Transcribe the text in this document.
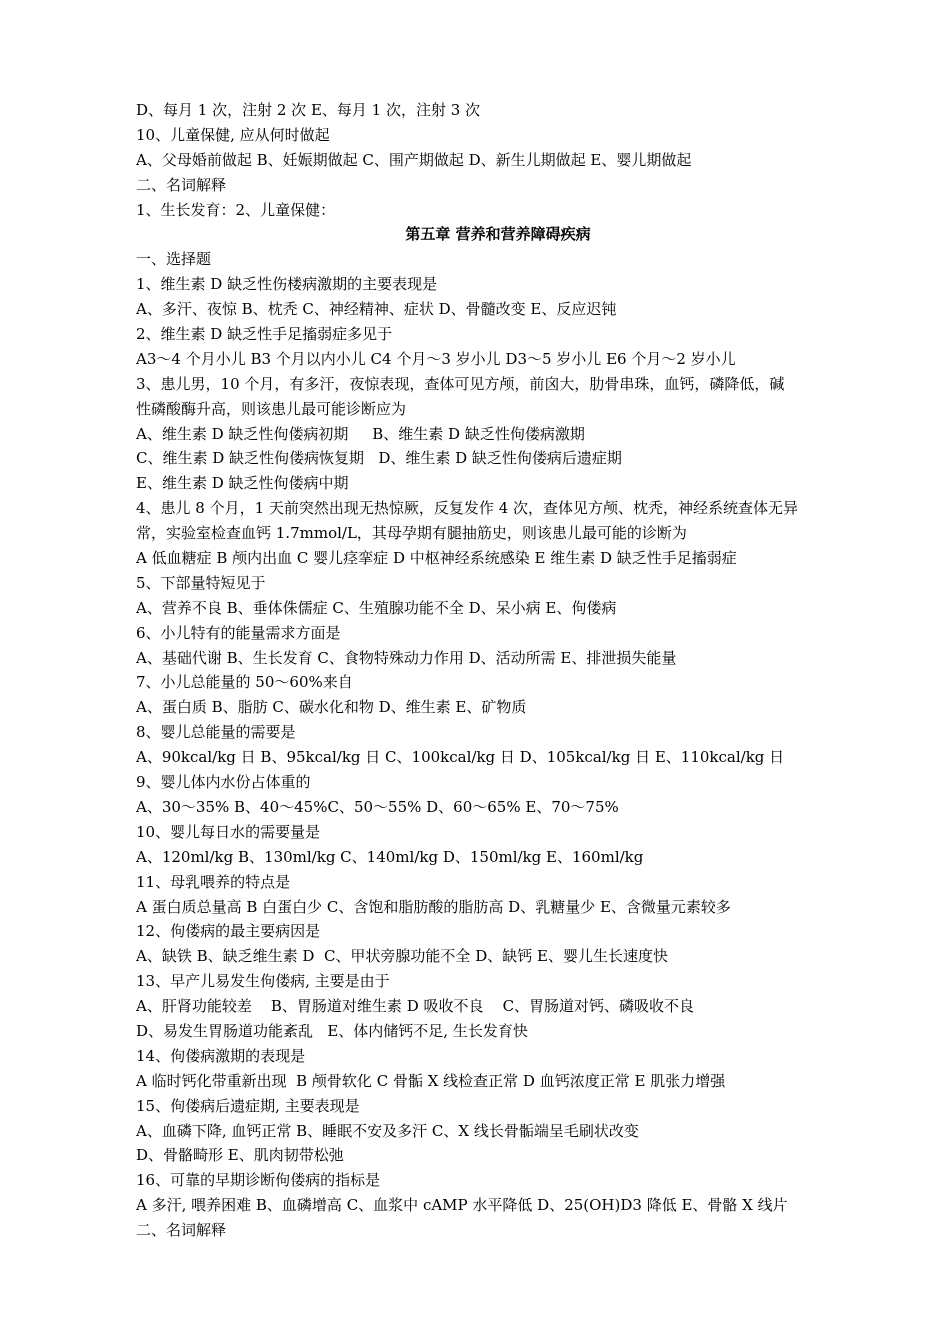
D、每月 1 次，注射 2 次 E、每月 1 次，注射 3 次
10、儿童保健, 应从何时做起
A、父母婚前做起 B、妊娠期做起 C、围产期做起 D、新生儿期做起 E、婴儿期做起
二、名词解释
1、生长发育：2、儿童保健：
第五章 营养和营养障碍疾病
一、选择题
1、维生素 D 缺乏性伤楼病激期的主要表现是
A、多汗、夜惊 B、枕秃 C、神经精神、症状 D、骨髓改变 E、反应迟钝
2、维生素 D 缺乏性手足搐弱症多见于
A3～4 个月小儿 B3 个月以内小儿 C4 个月～3 岁小儿 D3～5 岁小儿 E6 个月～2 岁小儿
3、患儿男，10 个月，有多汗，夜惊表现，查体可见方颅，前囟大，肋骨串珠，血钙，磷降低，碱
性磷酸酶升高，则该患儿最可能诊断应为
A、维生素 D 缺乏性佝偻病初期     B、维生素 D 缺乏性佝偻病激期
C、维生素 D 缺乏性佝偻病恢复期   D、维生素 D 缺乏性佝偻病后遗症期
E、维生素 D 缺乏性佝偻病中期
4、患儿 8 个月，1 天前突然出现无热惊厥，反复发作 4 次，查体见方颅、枕秃，神经系统查体无异
常，实验室检查血钙 1.7mmol/L，其母孕期有腿抽筋史，则该患儿最可能的诊断为
A 低血糖症 B 颅内出血 C 婴儿痉挛症 D 中枢神经系统感染 E 维生素 D 缺乏性手足搐弱症
5、下部量特短见于
A、营养不良 B、垂体侏儒症 C、生殖腺功能不全 D、呆小病 E、佝偻病
6、小儿特有的能量需求方面是
A、基础代谢 B、生长发育 C、食物特殊动力作用 D、活动所需 E、排泄损失能量
7、小儿总能量的 50～60%来自
A、蛋白质 B、脂肪 C、碳水化和物 D、维生素 E、矿物质
8、婴儿总能量的需要是
A、90kcal/kg 日 B、95kcal/kg 日 C、100kcal/kg 日 D、105kcal/kg 日 E、110kcal/kg 日
9、婴儿体内水份占体重的
A、30～35% B、40～45%C、50～55% D、60～65% E、70～75%
10、婴儿每日水的需要量是
A、120ml/kg B、130ml/kg C、140ml/kg D、150ml/kg E、160ml/kg
11、母乳喂养的特点是
A 蛋白质总量高 B 白蛋白少 C、含饱和脂肪酸的脂肪高 D、乳糖量少 E、含微量元素较多
12、佝偻病的最主要病因是
A、缺铁 B、缺乏维生素 D  C、甲状旁腺功能不全 D、缺钙 E、婴儿生长速度快
13、早产儿易发生佝偻病, 主要是由于
A、肝肾功能较差    B、胃肠道对维生素 D 吸收不良    C、胃肠道对钙、磷吸收不良
D、易发生胃肠道功能紊乱   E、体内储钙不足, 生长发育快
14、佝偻病激期的表现是
A 临时钙化带重新出现  B 颅骨软化 C 骨骺 X 线检查正常 D 血钙浓度正常 E 肌张力增强
15、佝偻病后遗症期, 主要表现是
A、血磷下降, 血钙正常 B、睡眠不安及多汗 C、X 线长骨骺端呈毛刷状改变
D、骨骼畸形 E、肌肉韧带松弛
16、可靠的早期诊断佝偻病的指标是
A 多汗, 喂养困难 B、血磷增高 C、血浆中 cAMP 水平降低 D、25(OH)D3 降低 E、骨骼 X 线片
二、名词解释
